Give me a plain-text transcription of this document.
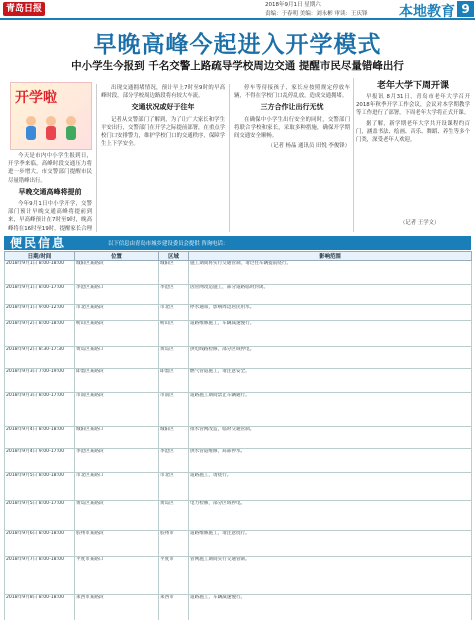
青岛日报	2018年9月1日 星期六
责编：于春明 美编：刘永彬 审读：王庆锋 本地教育 9
早晚高峰今起进入开学模式
中小学生今报到 千名交警上路疏导学校周边交通 提醒市民尽量错峰出行
开学啦

今天是市内中小学生报到日，开学季来临，高峰时段交通压力将进一步增大，市交警部门提醒市民尽量错峰出行。

早晚交通高峰将提前

今年9月1日中小学开学，交警部门预计早晚交通高峰将提前到来，早高峰预计在7时至9时，晚高峰将在16时至19时，提醒家长合理

出现交通拥堵情况，预计早上7时至9时的早高峰时段，部分学校周边路段将有较大车流。

交通状况或好于往年

记者从交警部门了解到，为了让广大家长和学生平安出行，交警部门在开学之际提前部署，在重点学校门口安排警力，维护学校门口的交通秩序，保障学生上下学安全。

停车等待接孩子，家长应按照规定停放车辆，不得在学校门口乱停乱放，造成交通拥堵。

三方合作让出行无忧

在确保中小学生出行安全的同时，交警部门将联合学校和家长，采取多种措施，确保开学期间交通安全顺畅。

（记者 杨晶 通讯员 田悦 李俊锋）

老年大学下周开课

早报讯 8月31日，青岛市老年大学召开2018年秋季开学工作会议，会议对本学期教学等工作进行了部署，下周老年大学将正式开课。

据了解，新学期老年大学共开设课程约百门，涵盖书法、绘画、音乐、舞蹈、养生等多个门类，深受老年人欢迎。

（记者 王学文）
便民信息	以下信息由青岛市城乡建设委员会提供 咨询电话：
日期/时间	位置	区域	影响范围
2018年9月1日 8:00-18:00	城阳区某路段	城阳区	施工期间将实行交通管制，请过往车辆提前绕行。
2018年9月1日 8:00-17:00	李沧区某路口	李沧区	因管网改造施工，部分道路临时封闭。
2018年9月1日 9:00-12:00	市北区某路段	市北区	停水通知，影响周边居民用水。
2018年9月2日 8:00-18:00	崂山区某路段	崂山区	道路维修施工，车辆减速慢行。
2018年9月2日 8:30-17:30	黄岛区某路口	黄岛区	供电线路检修，部分区域停电。
2018年9月3日 7:00-19:00	即墨区某路段	即墨区	燃气管道施工，请注意安全。
2018年9月3日 8:00-17:00	市南区某路段	市南区	道路施工期间禁止车辆通行。
2018年9月4日 8:00-18:00	城阳区某路口	城阳区	排水管网改造，临时交通管制。
2018年9月4日 9:00-17:00	李沧区某路段	李沧区	供水管道维修，局部停水。
2018年9月5日 8:00-18:00	市北区某路口	市北区	道路施工，请绕行。
2018年9月5日 8:00-17:00	黄岛区某路段	黄岛区	电力检修，部分区域停电。
2018年9月6日 8:00-18:00	胶州市某路段	胶州市	道路维修施工，请注意绕行。
2018年9月7日 8:00-18:00	平度市某路口	平度市	管网施工期间实行交通管制。
2018年9月8日 8:00-18:00	莱西市某路段	莱西市	道路施工，车辆减速慢行。
